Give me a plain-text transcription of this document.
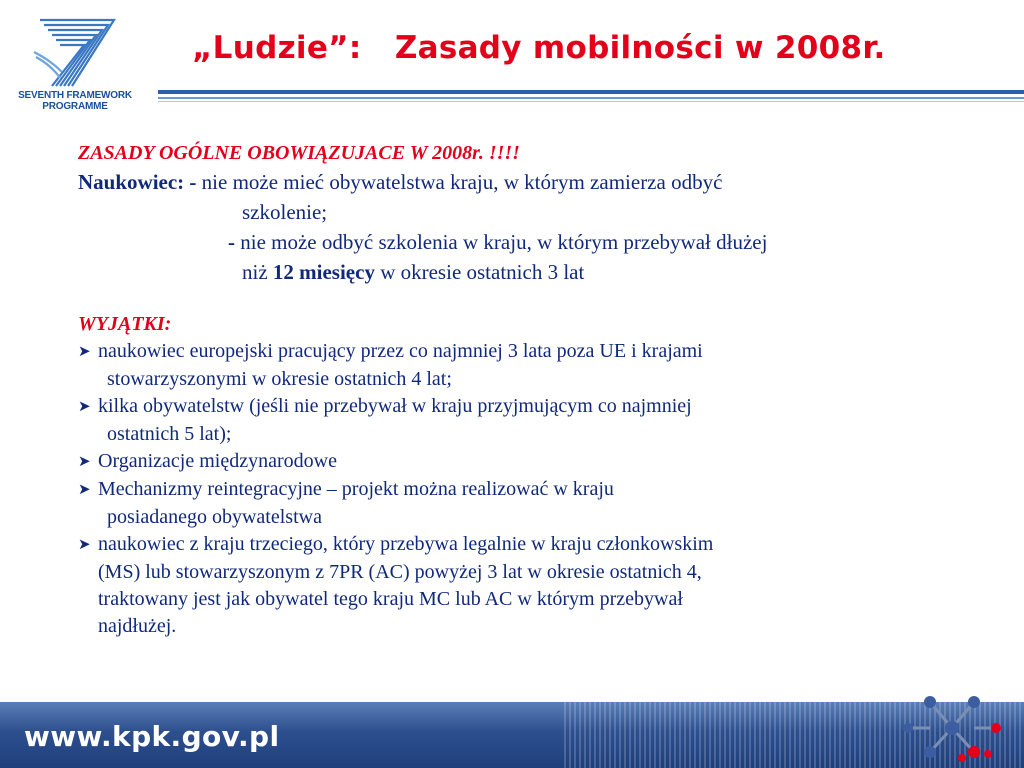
SEVENTH FRAMEWORK
PROGRAMME
„Ludzie”:   Zasady mobilności w 2008r.
ZASADY OGÓLNE OBOWIĄZUJACE W 2008r. !!!!
Naukowiec: - nie może mieć obywatelstwa kraju, w którym zamierza odbyć
szkolenie;
- nie może odbyć szkolenia w kraju, w którym przebywał dłużej
niż 12 miesięcy w okresie ostatnich 3 lat
WYJĄTKI:
➤ naukowiec europejski pracujący przez co najmniej 3 lata poza UE i krajami
stowarzyszonymi w okresie ostatnich 4 lat;
➤ kilka obywatelstw (jeśli nie przebywał w kraju przyjmującym co najmniej
ostatnich 5 lat);
➤ Organizacje międzynarodowe
➤ Mechanizmy reintegracyjne – projekt można realizować w kraju
posiadanego obywatelstwa
➤ naukowiec z kraju trzeciego, który przebywa legalnie w kraju członkowskim
(MS) lub stowarzyszonym z 7PR (AC) powyżej 3 lat w okresie ostatnich 4,
traktowany jest jak obywatel tego kraju MC lub AC w którym przebywał
najdłużej.
www.kpk.gov.pl
